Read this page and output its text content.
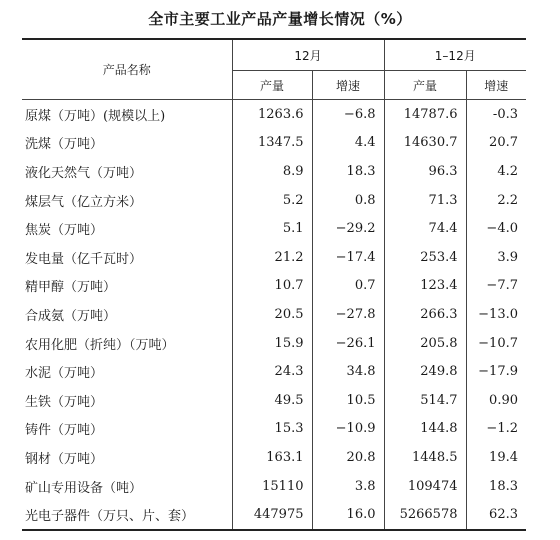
全市主要工业产品产量增长情况（%）
产品名称	12月		1–12月	
	产量	增速	产量	增速
原煤（万吨）(规模以上)	1263.6	−6.8	14787.6	-0.3
洗煤（万吨）	1347.5	4.4	14630.7	20.7
液化天然气（万吨）	8.9	18.3	96.3	4.2
煤层气（亿立方米）	5.2	0.8	71.3	2.2
焦炭（万吨）	5.1	−29.2	74.4	−4.0
发电量（亿千瓦时）	21.2	−17.4	253.4	3.9
精甲醇（万吨）	10.7	0.7	123.4	−7.7
合成氨（万吨）	20.5	−27.8	266.3	−13.0
农用化肥（折纯）（万吨）	15.9	−26.1	205.8	−10.7
水泥（万吨）	24.3	34.8	249.8	−17.9
生铁（万吨）	49.5	10.5	514.7	0.90
铸件（万吨）	15.3	−10.9	144.8	−1.2
钢材（万吨）	163.1	20.8	1448.5	19.4
矿山专用设备（吨）	15110	3.8	109474	18.3
光电子器件（万只、片、套）	447975	16.0	5266578	62.3
